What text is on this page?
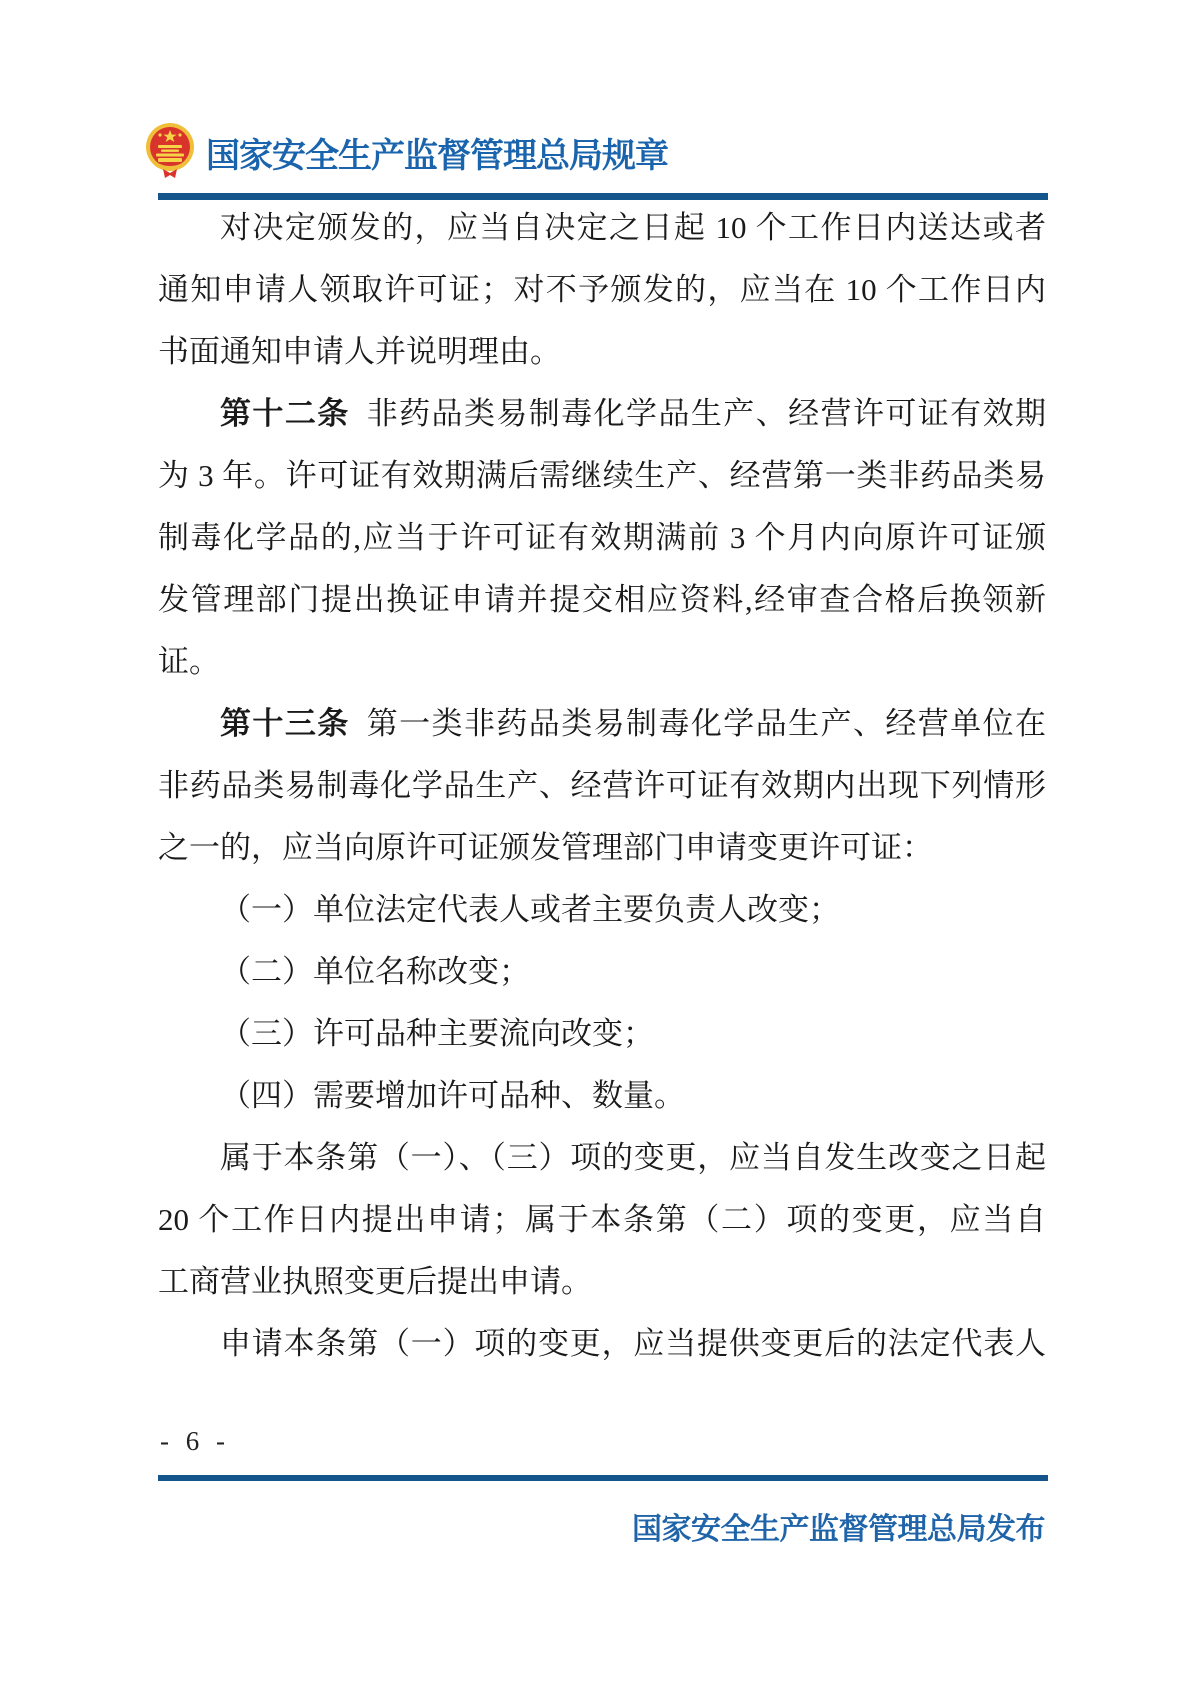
国家安全生产监督管理总局规章
对决定颁发的，应当自决定之日起 10 个工作日内送达或者
通知申请人领取许可证；对不予颁发的，应当在 10 个工作日内
书面通知申请人并说明理由。
第十二条 非药品类易制毒化学品生产、经营许可证有效期
为 3 年。许可证有效期满后需继续生产、经营第一类非药品类易
制毒化学品的,应当于许可证有效期满前 3 个月内向原许可证颁
发管理部门提出换证申请并提交相应资料,经审查合格后换领新
证。
第十三条 第一类非药品类易制毒化学品生产、经营单位在
非药品类易制毒化学品生产、经营许可证有效期内出现下列情形
之一的，应当向原许可证颁发管理部门申请变更许可证：
（一）单位法定代表人或者主要负责人改变；
（二）单位名称改变；
（三）许可品种主要流向改变；
（四）需要增加许可品种、数量。
属于本条第（一）、（三）项的变更，应当自发生改变之日起
20 个工作日内提出申请；属于本条第（二）项的变更，应当自
工商营业执照变更后提出申请。
申请本条第（一）项的变更，应当提供变更后的法定代表人
- 6 -
国家安全生产监督管理总局发布
